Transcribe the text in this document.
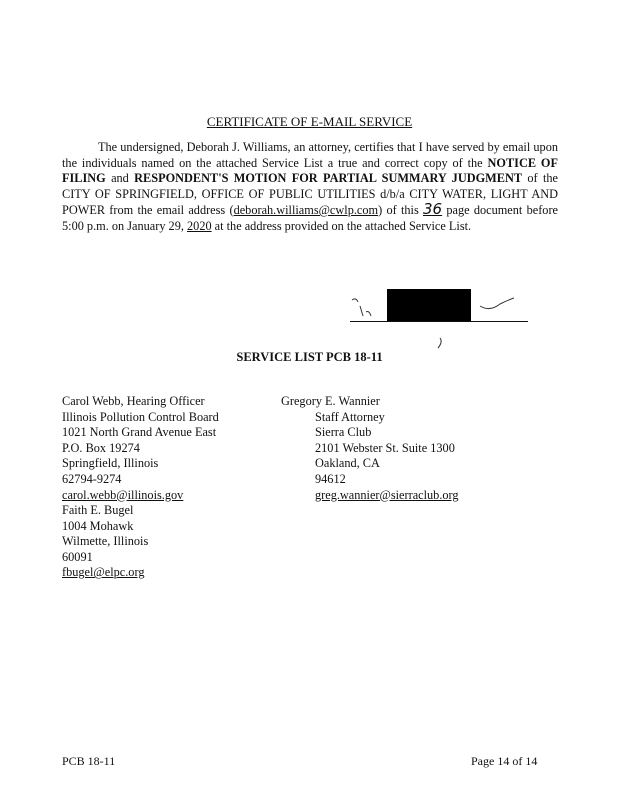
CERTIFICATE OF E-MAIL SERVICE
The undersigned, Deborah J. Williams, an attorney, certifies that I have served by email upon the individuals named on the attached Service List a true and correct copy of the NOTICE OF FILING and RESPONDENT'S MOTION FOR PARTIAL SUMMARY JUDGMENT of the CITY OF SPRINGFIELD, OFFICE OF PUBLIC UTILITIES d/b/a CITY WATER, LIGHT AND POWER from the email address (deborah.williams@cwlp.com) of this 36 page document before 5:00 p.m. on January 29, 2020 at the address provided on the attached Service List.
SERVICE LIST PCB 18-11
Carol Webb, Hearing Officer
Illinois Pollution Control Board
1021 North Grand Avenue East
P.O. Box 19274
Springfield, Illinois
62794-9274
carol.webb@illinois.gov
Gregory E. Wannier
Staff Attorney
Sierra Club
2101 Webster St. Suite 1300
Oakland, CA
94612
greg.wannier@sierraclub.org
Faith E. Bugel
1004 Mohawk
Wilmette, Illinois
60091
fbugel@elpc.org
PCB 18-11	Page 14 of 14
